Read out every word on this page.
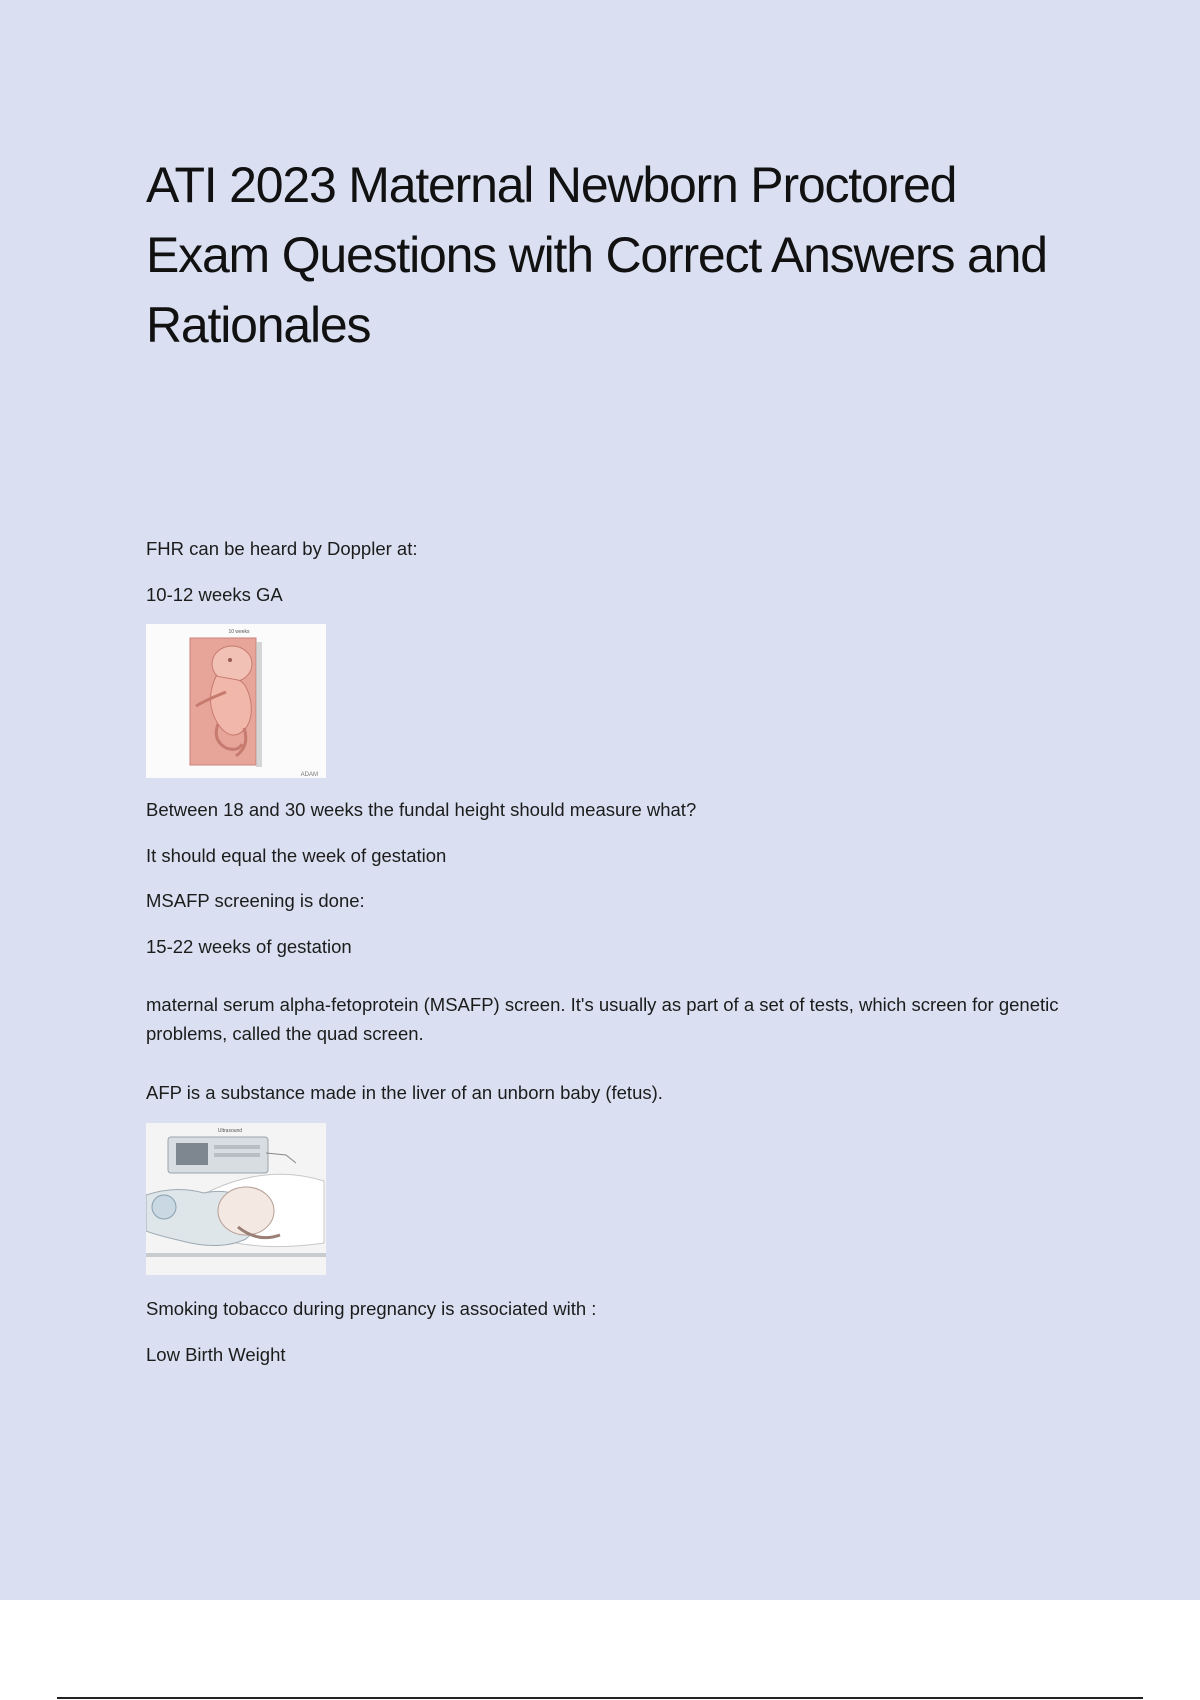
ATI 2023 Maternal Newborn Proctored Exam Questions with Correct Answers and Rationales
FHR can be heard by Doppler at:
10-12 weeks GA
10 weeks
ADAM
Between 18 and 30 weeks the fundal height should measure what?
It should equal the week of gestation
MSAFP screening is done:
15-22 weeks of gestation
maternal serum alpha-fetoprotein (MSAFP) screen. It's usually as part of a set of tests, which screen for genetic problems, called the quad screen.
AFP is a substance made in the liver of an unborn baby (fetus).
Ultrasound
Smoking tobacco during pregnancy is associated with :
Low Birth Weight
